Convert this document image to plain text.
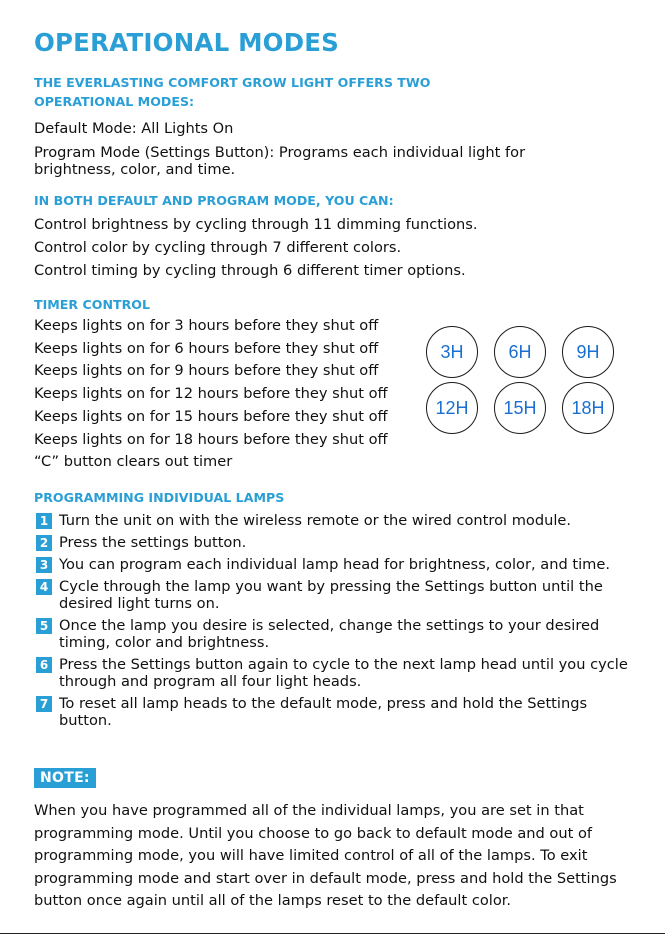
OPERATIONAL MODES
THE EVERLASTING COMFORT GROW LIGHT OFFERS TWO OPERATIONAL MODES:
Default Mode: All Lights On
Program Mode (Settings Button): Programs each individual light for brightness, color, and time.
IN BOTH DEFAULT AND PROGRAM MODE, YOU CAN:
Control brightness by cycling through 11 dimming functions.
Control color by cycling through 7 different colors.
Control timing by cycling through 6 different timer options.
TIMER CONTROL
Keeps lights on for 3 hours before they shut off
Keeps lights on for 6 hours before they shut off
Keeps lights on for 9 hours before they shut off
Keeps lights on for 12 hours before they shut off
Keeps lights on for 15 hours before they shut off
Keeps lights on for 18 hours before they shut off
“C” button clears out timer
3H	6H	9H
12H	15H	18H
PROGRAMMING INDIVIDUAL LAMPS
1 Turn the unit on with the wireless remote or the wired control module.
2 Press the settings button.
3 You can program each individual lamp head for brightness, color, and time.
4 Cycle through the lamp you want by pressing the Settings button until the desired light turns on.
5 Once the lamp you desire is selected, change the settings to your desired timing, color and brightness.
6 Press the Settings button again to cycle to the next lamp head until you cycle through and program all four light heads.
7 To reset all lamp heads to the default mode, press and hold the Settings button.
NOTE:
When you have programmed all of the individual lamps, you are set in that programming mode. Until you choose to go back to default mode and out of programming mode, you will have limited control of all of the lamps. To exit programming mode and start over in default mode, press and hold the Settings button once again until all of the lamps reset to the default color.
